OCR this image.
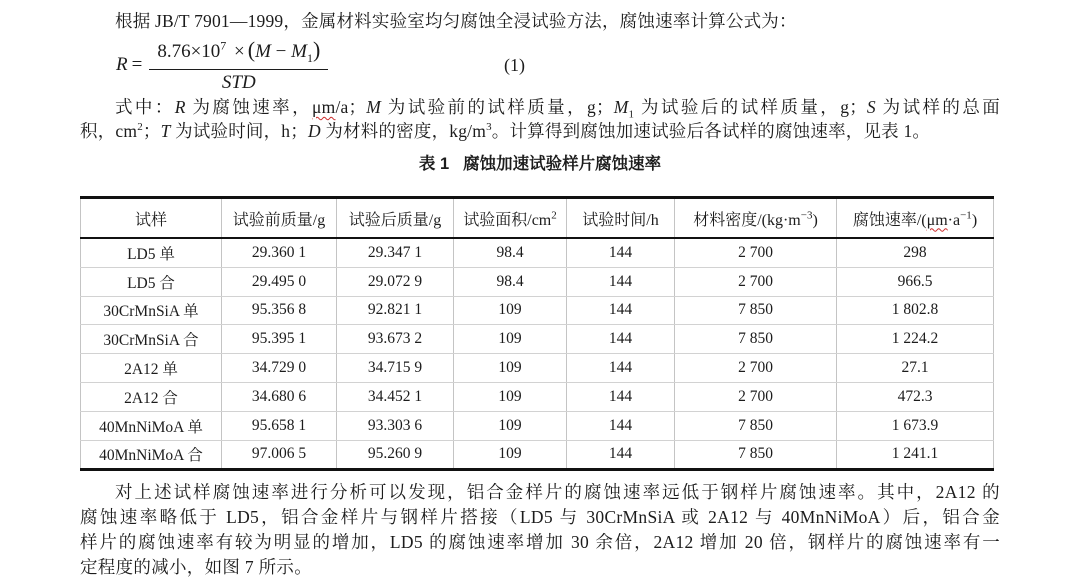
根据 JB/T 7901—1999，金属材料实验室均匀腐蚀全浸试验方法，腐蚀速率计算公式为：
$R = \frac{8.76\times 10^7 \times (M - M_1)}{\text{STD}}$	(1)
式中：R 为腐蚀速率，μm/a；M 为试验前的试样质量，g；$M_1$ 为试验后的试样质量，g；S 为试样的总面
积，$cm^2$；T 为试验时间，h；D 为材料的密度，$kg/m^3$。计算得到腐蚀加速试验后各试样的腐蚀速率，见表 1。
表 1 腐蚀加速试验样片腐蚀速率
试样	试验前质量/g	试验后质量/g	试验面积$/cm^2$	试验时间/h	材料密度$/(kg\cdot m^{-3})$	腐蚀速率$/(\mu m\cdot a^{-1})$
LD5 单	29.360 1	29.347 1	98.4	144	2 700	298
LD5 合	29.495 0	29.072 9	98.4	144	2 700	966.5
30CrMnSiA 单	95.356 8	92.821 1	109	144	7 850	1 802.8
30CrMnSiA 合	95.395 1	93.673 2	109	144	7 850	1 224.2
2A12 单	34.729 0	34.715 9	109	144	2 700	27.1
2A12 合	34.680 6	34.452 1	109	144	2 700	472.3
40MnNiMoA 单	95.658 1	93.303 6	109	144	7 850	1 673.9
40MnNiMoA 合	97.006 5	95.260 9	109	144	7 850	1 241.1
对上述试样腐蚀速率进行分析可以发现，铝合金样片的腐蚀速率远低于钢样片腐蚀速率。其中，2A12 的
腐蚀速率略低于 LD5，铝合金样片与钢样片搭接（LD5 与 30CrMnSiA 或 2A12 与 40MnNiMoA）后，铝合金
样片的腐蚀速率有较为明显的增加，LD5 的腐蚀速率增加 30 余倍，2A12 增加 20 倍，钢样片的腐蚀速率有一
定程度的减小，如图 7 所示。
